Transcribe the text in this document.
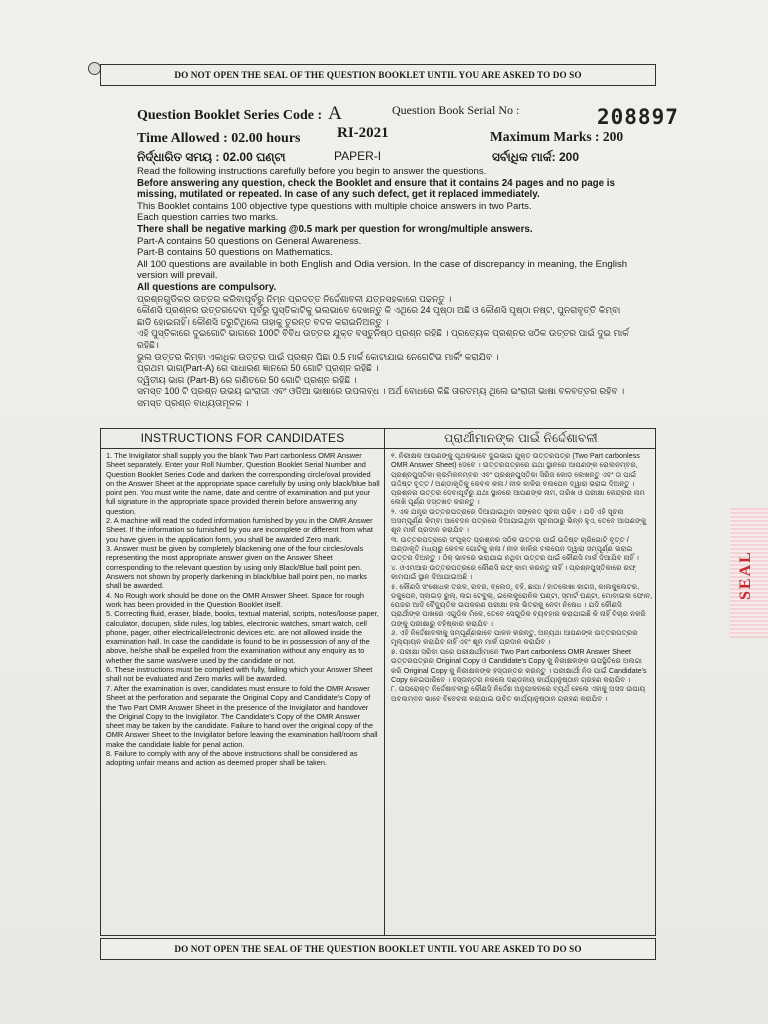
DO NOT OPEN THE SEAL OF THE QUESTION BOOKLET UNTIL YOU ARE ASKED TO DO SO
Question Booklet Series Code : A	Question Book Serial No :	208897
Time Allowed : 02.00 hours RI-2021	Maximum Marks : 200
ନିର୍ଦ୍ଧାରିତ ସମୟ : 02.00 ଘଣ୍ଟା	PAPER-I	ସର୍ବାଧିକ ମାର୍କ: 200

Read the following instructions carefully before you begin to answer the questions.

Before answering any question, check the Booklet and ensure that it contains 24 pages and no page is missing, mutilated or repeated. In case of any such defect, get it replaced immediately.

This Booklet contains 100 objective type questions with multiple choice answers in two Parts.

Each question carries two marks.

There shall be negative marking @0.5 mark per question for wrong/multiple answers.

Part-A contains 50 questions on General Awareness.

Part-B contains 50 questions on Mathematics.

All 100 questions are available in both English and Odia version. In the case of discrepancy in meaning, the English version will prevail.

All questions are compulsory.

ପ୍ରଶ୍ନଗୁଡିକର ଉତ୍ତର କରିବାପୂର୍ବରୁ ନିମ୍ନ ପ୍ରଦତ୍ତ ନିର୍ଦ୍ଦେଶାବଳୀ ଯତ୍ନସହକାରେ ପଢନ୍ତୁ ।

କୌଣସି ପ୍ରଶ୍ନର ଉତ୍ତରଦେବା ପୂର୍ବରୁ ପୁସ୍ତିକାଟିକୁ ଭଲଭାବେ ଦେଖନ୍ତୁ କି ଏଥିରେ 24 ପୃଷ୍ଠା ଅଛି ଓ କୌଣସି ପୃଷ୍ଠା ନଷ୍ଟ, ପୁନରାବୃତ୍ତି କିମ୍ବା ଛାଡି ହୋଇନାହିଁ। କୌଣସି ତ୍ରୁଟିଥିଲେ ତାହାକୁ ତୁରନ୍ତ ବଦଳ କରାଇନିଅନ୍ତୁ ।

ଏହି ପୁସ୍ତିକାରେ ଦୁଇଗୋଟି ଭାଗରେ 100ଟି ବିବିଧ ଉତ୍ତର ଯୁକ୍ତ ବସ୍ତୁନିଷ୍ଠ ପ୍ରଶ୍ନ ରହିଛି । ପ୍ରତ୍ୟେକ ପ୍ରଶ୍ନର ସଠିକ ଉତ୍ତର ପାଇଁ ଦୁଇ ମାର୍କ ରହିଛି।

ଭୁଲ ଉତ୍ତର କିମ୍ବା ଏକାଧିକ ଉତ୍ତର ପାଇଁ ପ୍ରଶ୍ନ ପିଛା 0.5 ମାର୍କ କୋଟାଯାଇ ନେଗେଟିଭ ମାର୍କିଂ କରାଯିବ ।

ପ୍ରଥମ ଭାଗ(Part-A) ରେ ସାଧାରଣ ଜ୍ଞାନରେ 50 ଗୋଟି ପ୍ରଶ୍ନ ରହିଛି ।

ଦ୍ୱିତୀୟ ଭାଗ (Part-B) ରେ ଗଣିତରେ 50 ଗୋଟି ପ୍ରଶ୍ନ ରହିଛି ।

ସମସ୍ତ 100 ଟି ପ୍ରଶ୍ନ ଉଭୟ ଇଂରାଜୀ ଏବଂ ଓଡିଆ ଭାଷାରେ ଉପଲବ୍ଧ । ଅର୍ଥ ବୋଧରେ କିଛି ତାରତମ୍ୟ ଥିଲେ ଇଂରାଜୀ ଭାଷା ବଳବତ୍ତର ରହିବ ।

ସମସ୍ତ ପ୍ରଶ୍ନ ବାଧ୍ୟତାମୂଳକ ।

INSTRUCTIONS FOR CANDIDATES	ପ୍ରାର୍ଥୀମାନଙ୍କ ପାଇଁ ନିର୍ଦ୍ଦେଶାବଳୀ
1. The Invigilator shall supply you the blank Two Part carbonless OMR Answer Sheet separately. Enter your Roll Number, Question Booklet Serial Number and Question Booklet Series Code and darken the corresponding circle/oval provided on the Answer Sheet at the appropriate space carefully by using only black/blue ball point pen. You must write the name, date and centre of examination and put your full signature in the appropriate space provided therein before answering any question.
2. A machine will read the coded information furnished by you in the OMR Answer Sheet. If the information so furnished by you are incomplete or different from what you have given in the application form, you shall be awarded Zero mark.
3. Answer must be given by completely blackening one of the four circles/ovals representing the most appropriate answer given on the Answer Sheet corresponding to the relevant question by using only Black/Blue ball point pen. Answers not shown by properly darkening in black/blue ball point pen, no marks shall be awarded.
4. No Rough work should be done on the OMR Answer Sheet. Space for rough work has been provided in the Question Booklet itself.
5. Correcting fluid, eraser, blade, books, textual material, scripts, notes/loose paper, calculator, docupen, slide rules, log tables, electronic watches, smart watch, cell phone, pager, other electrical/electronic devices etc. are not allowed inside the examination hall. In case the candidate is found to be in possession of any of the above, he/she shall be expelled from the examination without any enquiry as to whether the same was/were used by the candidate or not.
6. These instructions must be complied with fully, failing which your Answer Sheet shall not be evaluated and Zero marks will be awarded.
7. After the examination is over, candidates must ensure to fold the OMR Answer Sheet at the perforation and separate the Original Copy and Candidate's Copy of the Two Part OMR Answer Sheet in the presence of the Invigilator and handover the Original Copy to the Invigilator. The Candidate's Copy of the OMR Answer sheet may be taken by the candidate. Failure to hand over the original copy of the OMR Answer Sheet to the Invigilator before leaving the examination hall/room shall make the candidate liable for penal action.
8. Failure to comply with any of the above instructions shall be considered as adopting unfair means and action as deemed proper shall be taken.
୧. ନିରୀକ୍ଷକ ଆପଣଙ୍କୁ ପୃଥକଭାବେ ଦୁଇଭାଗ ଯୁକ୍ତ ଉତ୍ତରପତ୍ର (Two Part carbonless OMR Answer Sheet) ଦେବେ । ଉତ୍ତରପତ୍ରରେ ଯଥା ସ୍ଥାନରେ ଆପଣଙ୍କ ରୋଲନମ୍ବର, ପ୍ରଶ୍ନପୁସ୍ତିକା କ୍ରମିକନମ୍ବର ଏବଂ ପ୍ରଶ୍ନପୁସ୍ତିକା ସିରିଜ କୋଡ଼ ଲେଖନ୍ତୁ ଏବଂ ତା ପାଇଁ ଉଦ୍ଦିଷ୍ଟ ବୃତ୍ତ / ଅଣ୍ଡାକୃତିକୁ କେବଳ କଳା / ନୀଳ କାଳିର ବଲପେନ ଦ୍ୱାରା ଭରାଇ ଦିଅନ୍ତୁ । ପ୍ରଶ୍ନର ଉତ୍ତର ଦେବାପୂର୍ବରୁ ଯଥା ସ୍ଥାନରେ ଆପଣଙ୍କ ନାମ, ତାରିଖ ଓ ପରୀକ୍ଷା କେନ୍ଦ୍ରର ନାମ ଲେଖି ପୂର୍ଣ୍ଣ ଦସ୍ତଖତ କରନ୍ତୁ ।
୨. ଏକ ଯନ୍ତ୍ର ଉତ୍ତରପତ୍ରରେ ଦିଆଯାଇଥିବା ସଙ୍କେତ ସୂଚନା ପଢ଼ିବ । ଯଦି ଏହି ସୂଚନା ଅସମ୍ପୂର୍ଣ୍ଣ କିମ୍ବା ଆବେଦନ ପତ୍ରରେ ଦିଆଯାଇଥିବା ସୂଚନାଠାରୁ ଭିନ୍ନ ହୁଏ, ତେବେ ଆପଣଙ୍କୁ ଶୂନ ମାର୍କ ପ୍ରଦାନ କରାଯିବ ।
୩. ଉତ୍ତରପତ୍ରରେ ସଂପୃକ୍ତ ପ୍ରଶ୍ନର ସଠିକ ଉତ୍ତର ପାଇଁ ଉଦ୍ଦିଷ୍ଟ ଚାରିଗୋଟି ବୃତ୍ତ / ଅଣ୍ଡାକୃତି ମଧ୍ୟରୁ କେବଳ ଗୋଟିକୁ କଳା / ନୀଳ କାଳିର ବଲପେନ ଦ୍ୱାରା ସମ୍ପୂର୍ଣ୍ଣ ଭରାଇ ଉତ୍ତର ଦିଅନ୍ତୁ । ଠିକ୍ ଭାବରେ ଭରାଯାଇ ନଥିବା ଉତ୍ତର ପାଇଁ କୌଣସି ମାର୍କ ଦିଆଯିବ ନାହିଁ ।
୪. ଓଏମଆର ଉତ୍ତରପତ୍ରରେ କୌଣସି ରଫ୍ କାମ କରନ୍ତୁ ନାହିଁ । ପ୍ରଶ୍ନପୁସ୍ତିକାରେ ରଫ୍ କାମପାଇଁ ସ୍ଥାନ ଦିଆଯାଇଅଛି ।
୫. କୌଣସି ସଂଶୋଧକ ତରଳ, ରବର, ବ୍ଲେଡ୍, ବହି, ଛାପା / ହାତଲେଖା କାଗଜ, କାଲକୁଲେଟର, ଡକୁପେନ, ସ୍ଲାଇଡ଼ ରୁଲ୍, ଲଗ ଟେବୁଲ୍, ଇଲେକ୍ଟ୍ରୋନିକ ଘଣ୍ଟା, ସ୍ମାର୍ଟ ଘଣ୍ଟା, ମୋବାଇଲ ଫୋନ, ପେଜର ଆଦି ବୈଦ୍ୟୁତିକ ଉପକରଣ ପରୀକ୍ଷା ହଲ ଭିତରକୁ ନେବା ନିଷେଧ । ଯଦି କୌଣସି ପ୍ରାର୍ଥୀଙ୍କ ପାଖରେ ଏଗୁଡିକ ମିଳେ, ତେବେ ସେଗୁଡିକ ବ୍ୟବହାର କରାଯାଇଛି କି ନାହିଁ ବିଚାର ନକରି ତାଙ୍କୁ ପରୀକ୍ଷାରୁ ବହିଷ୍କାର କରାଯିବ ।
୬. ଏହି ନିର୍ଦ୍ଦେଶାବଳୀକୁ ସମ୍ପୂର୍ଣ୍ଣଭାବେ ପାଳନ କରନ୍ତୁ, ଅନ୍ୟଥା ଆପଣଙ୍କ ଉତ୍ତରପତ୍ରର ମୂଲ୍ୟାୟନ କରାଯିବ ନାହିଁ ଏବଂ ଶୂନ ମାର୍କ ପ୍ରଦାନ କରାଯିବ ।
୭. ପରୀକ୍ଷା ସରିବା ପରେ ପରୀକ୍ଷାର୍ଥୀମାନେ Two Part carbonless OMR Answer Sheet ଉତ୍ତରପତ୍ରର Original Copy ଓ Candidate's Copy କୁ ନିରୀକ୍ଷକଙ୍କ ଉପସ୍ଥିତିରେ ଅଲଗା କରି Original Copy କୁ ନିରୀକ୍ଷକଙ୍କ ହସ୍ତାନ୍ତର କରନ୍ତୁ । ପରୀକ୍ଷାର୍ଥୀ ନିଜ ପାଇଁ Candidate's Copy ନେଇପାରିବେ । ହସ୍ତାନ୍ତର ନକଲେ ଦଣ୍ଡନୀୟ କାର୍ଯ୍ୟାନୁଷ୍ଠାନ ଗ୍ରହଣ କରାଯିବ ।
୮. ଉପରୋକ୍ତ ନିର୍ଦ୍ଦେଶାବଳୀରୁ କୌଣସି ନିର୍ଦ୍ଦେଶ ଅନୁପାଳନରେ ବ୍ୟର୍ଥ ହେଲେ ଏହାକୁ ଅସଦ ଉପାୟ ଅବଲମ୍ବନ ଭାବେ ବିବେଚନା କରାଯାଇ ଉଚିତ କାର୍ଯ୍ୟାନୁଷ୍ଠାନ ଗ୍ରହଣ କରାଯିବ ।
DO NOT OPEN THE SEAL OF THE QUESTION BOOKLET UNTIL YOU ARE ASKED TO DO SO
SEAL
